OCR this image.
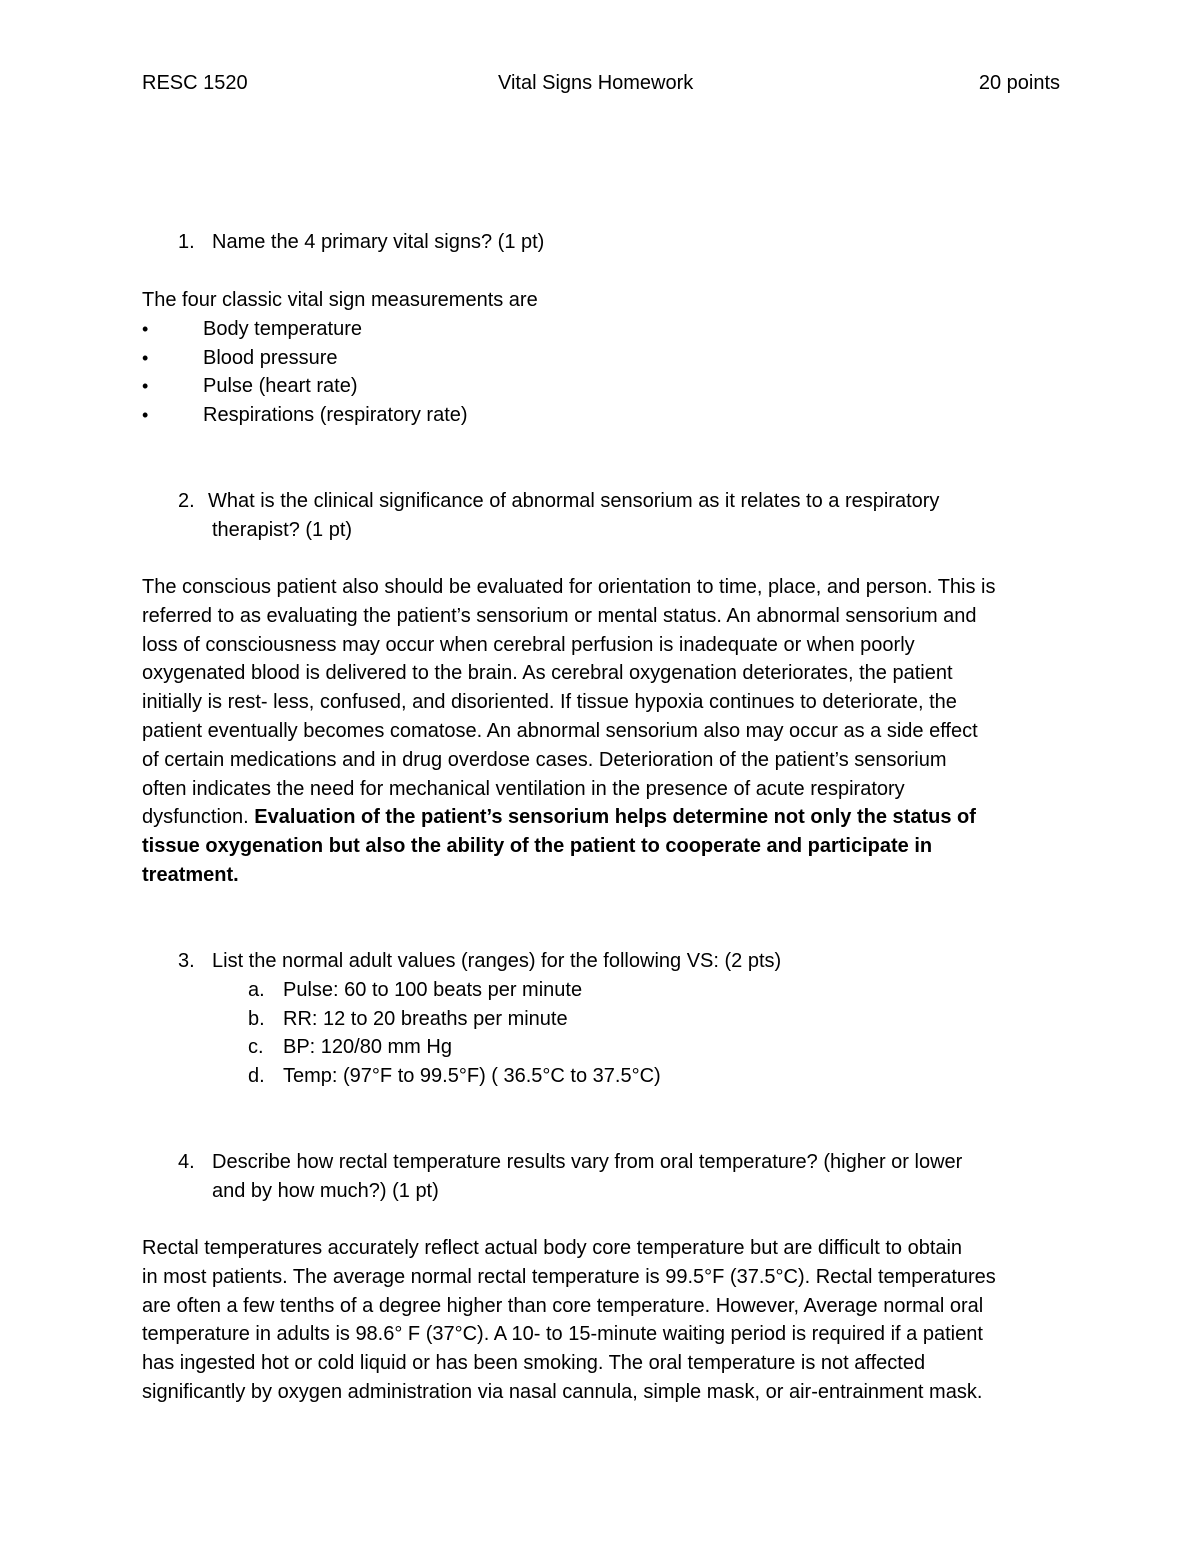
RESC 1520	Vital Signs Homework	20 points
1. Name the 4 primary vital signs? (1 pt)
The four classic vital sign measurements are
•	Body temperature
•	Blood pressure
•	Pulse (heart rate)
•	Respirations (respiratory rate)
2. What is the clinical significance of abnormal sensorium as it relates to a respiratory
therapist? (1 pt)
The conscious patient also should be evaluated for orientation to time, place, and person. This is
referred to as evaluating the patient’s sensorium or mental status. An abnormal sensorium and
loss of consciousness may occur when cerebral perfusion is inadequate or when poorly
oxygenated blood is delivered to the brain. As cerebral oxygenation deteriorates, the patient
initially is rest- less, confused, and disoriented. If tissue hypoxia continues to deteriorate, the
patient eventually becomes comatose. An abnormal sensorium also may occur as a side effect
of certain medications and in drug overdose cases. Deterioration of the patient’s sensorium
often indicates the need for mechanical ventilation in the presence of acute respiratory
dysfunction. Evaluation of the patient’s sensorium helps determine not only the status of
tissue oxygenation but also the ability of the patient to cooperate and participate in
treatment.
3. List the normal adult values (ranges) for the following VS: (2 pts)
a. Pulse: 60 to 100 beats per minute
b. RR: 12 to 20 breaths per minute
c. BP: 120/80 mm Hg
d. Temp: (97°F to 99.5°F) ( 36.5°C to 37.5°C)
4. Describe how rectal temperature results vary from oral temperature? (higher or lower
and by how much?) (1 pt)
Rectal temperatures accurately reflect actual body core temperature but are difficult to obtain
in most patients. The average normal rectal temperature is 99.5°F (37.5°C). Rectal temperatures
are often a few tenths of a degree higher than core temperature. However, Average normal oral
temperature in adults is 98.6° F (37°C). A 10- to 15-minute waiting period is required if a patient
has ingested hot or cold liquid or has been smoking. The oral temperature is not affected
significantly by oxygen administration via nasal cannula, simple mask, or air-entrainment mask.
